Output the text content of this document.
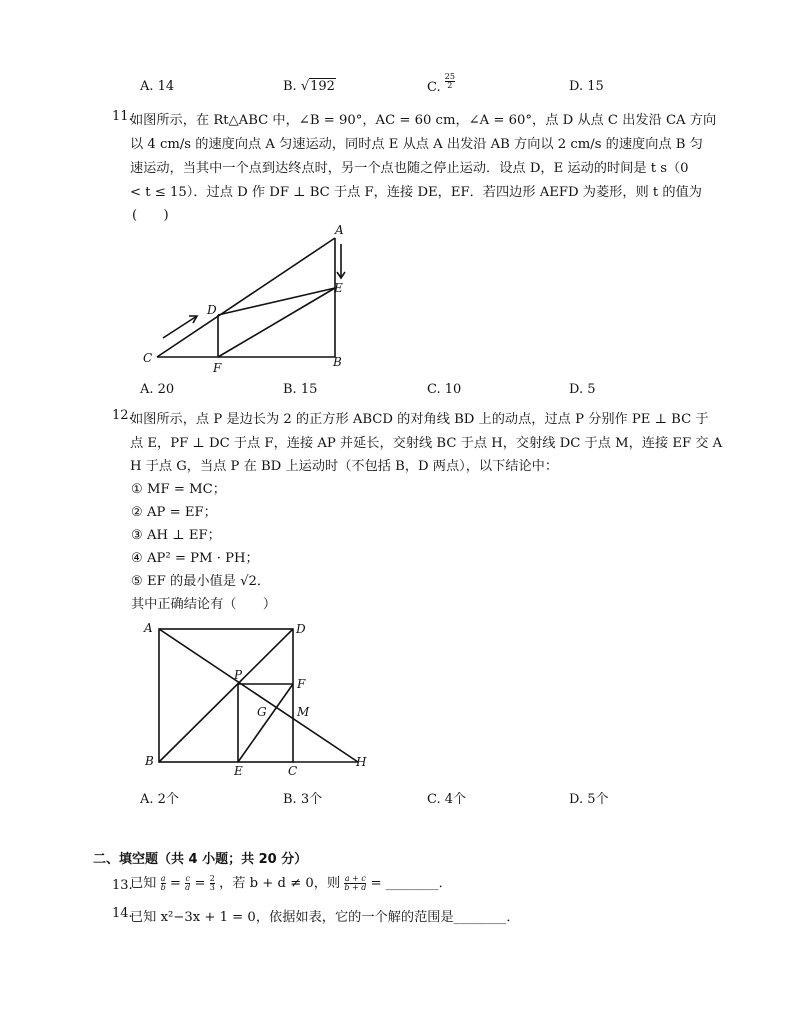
A. 14	B. √192	C. $\frac{25}{2}$	D. 15
11.
如图所示，在 Rt△ABC 中，∠B = 90°，AC = 60 cm，∠A = 60°，点 D 从点 C 出发沿 CA 方向
以 4 cm/s 的速度向点 A 匀速运动，同时点 E 从点 A 出发沿 AB 方向以 2 cm/s 的速度向点 B 匀
速运动，当其中一个点到达终点时，另一个点也随之停止运动．设点 D，E 运动的时间是 t s（0
< t ≤ 15）．过点 D 作 DF ⊥ BC 于点 F，连接 DE，EF．若四边形 AEFD 为菱形，则 t 的值为
(　　)
A
B
C
D
E
F
A. 20	B. 15	C. 10	D. 5
12.
如图所示，点 P 是边长为 2 的正方形 ABCD 的对角线 BD 上的动点，过点 P 分别作 PE ⊥ BC 于
点 E，PF ⊥ DC 于点 F，连接 AP 并延长，交射线 BC 于点 H，交射线 DC 于点 M，连接 EF 交 A
H 于点 G，当点 P 在 BD 上运动时（不包括 B，D 两点），以下结论中：
① MF = MC；
② AP = EF；
③ AH ⊥ EF；
④ AP² = PM · PH；
⑤ EF 的最小值是 √2．
其中正确结论有（　　）
A	D
B
C
E
F
P
G	M
H
A. 2个	B. 3个	C. 4个	D. 5个
二、填空题（共 4 小题；共 20 分）
13.
已知 $\frac{a}{b} = \frac{c}{d} = \frac{2}{3}$ ，若 b + d ≠ 0，则 $\frac{a + c}{b + d}$ = ________．
14.
已知 x²−3x + 1 = 0，依据如表，它的一个解的范围是________．
